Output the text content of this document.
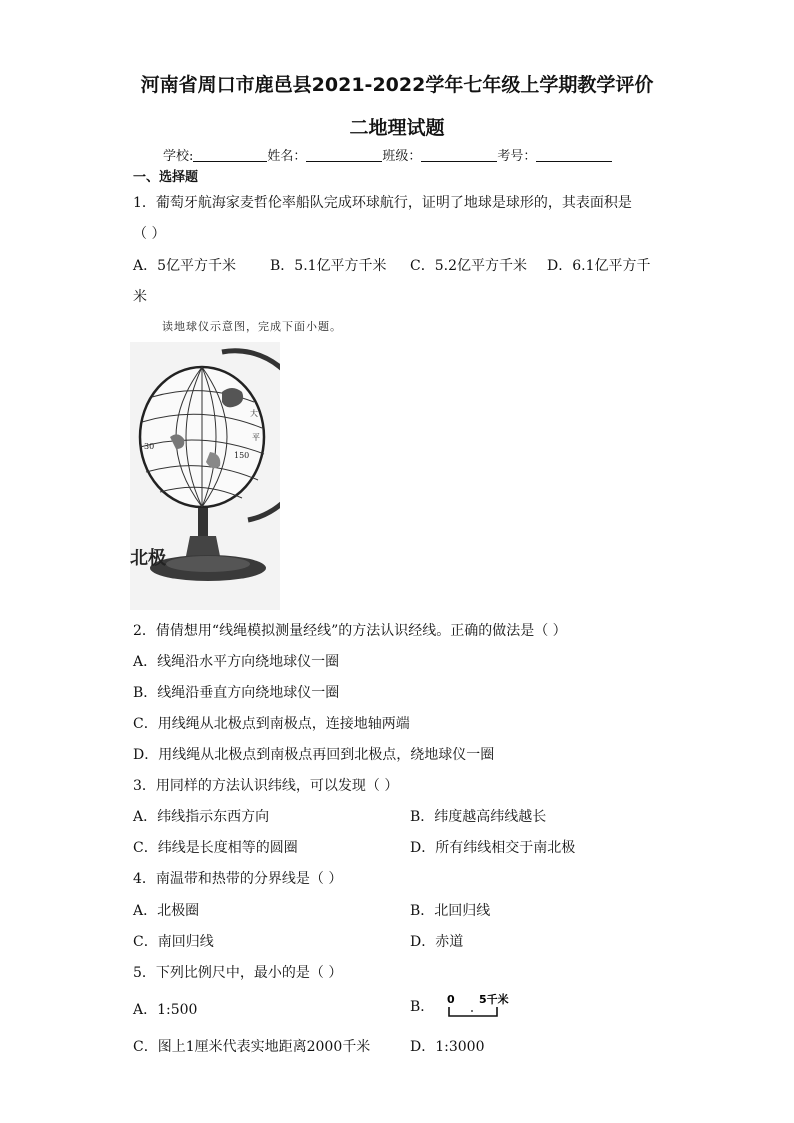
河南省周口市鹿邑县2021-2022学年七年级上学期教学评价
二地理试题
学校:	姓名：	班级：	考号：
一、选择题
1．葡萄牙航海家麦哲伦率船队完成环球航行，证明了地球是球形的，其表面积是
（ ）
A．5亿平方千米 B．5.1亿平方千米 C．5.2亿平方千米 D．6.1亿平方千
米
读地球仪示意图，完成下面小题。
30
150
大
平
北极
2．倩倩想用“线绳模拟测量经线”的方法认识经线。正确的做法是（ ）
A．线绳沿水平方向绕地球仪一圈
B．线绳沿垂直方向绕地球仪一圈
C．用线绳从北极点到南极点，连接地轴两端
D．用线绳从北极点到南极点再回到北极点，绕地球仪一圈
3．用同样的方法认识纬线，可以发现（ ）
A．纬线指示东西方向	B．纬度越高纬线越长
C．纬线是长度相等的圆圈	D．所有纬线相交于南北极
4．南温带和热带的分界线是（ ）
A．北极圈	B．北回归线
C．南回归线	D．赤道
5．下列比例尺中，最小的是（ ）
A．1:500	B． 0 5千米
C．图上1厘米代表实地距离2000千米	D．1:3000
